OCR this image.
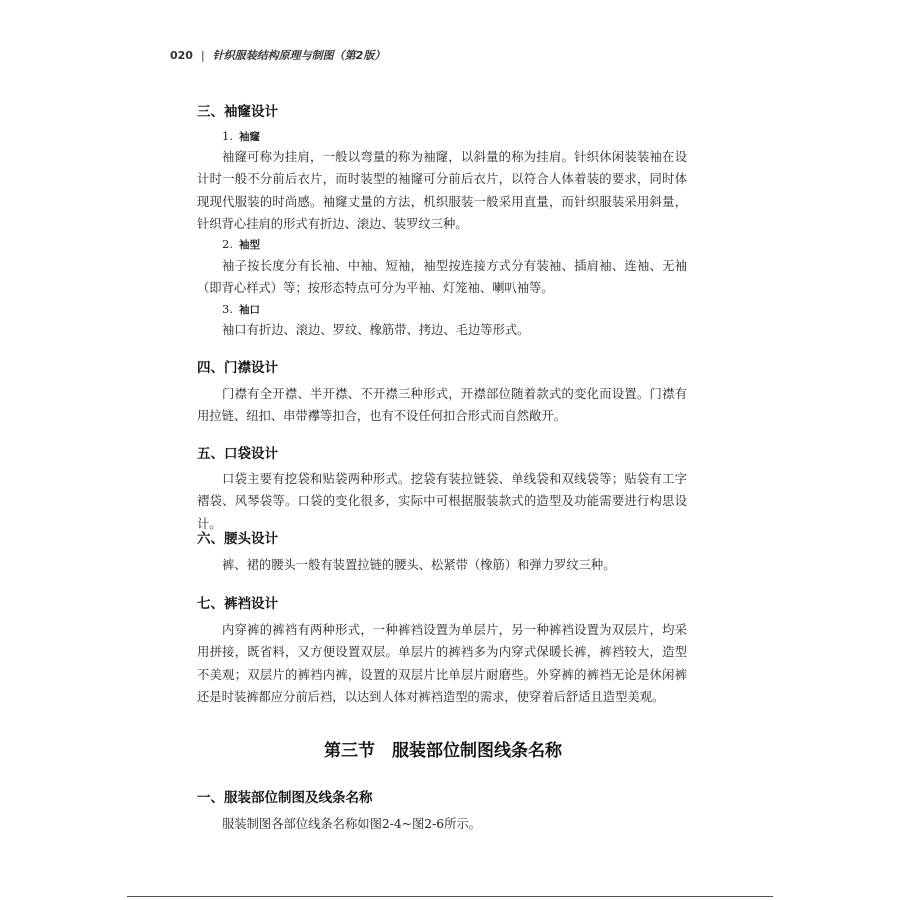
020 | 针织服装结构原理与制图（第2版）
三、袖窿设计
1. 袖窿

袖窿可称为挂肩，一般以弯量的称为袖窿，以斜量的称为挂肩。针织休闲装装袖在设计时一般不分前后衣片，而时装型的袖窿可分前后衣片，以符合人体着装的要求，同时体现现代服装的时尚感。袖窿丈量的方法，机织服装一般采用直量，而针织服装采用斜量，针织背心挂肩的形式有折边、滚边、装罗纹三种。

2. 袖型

袖子按长度分有长袖、中袖、短袖，袖型按连接方式分有装袖、插肩袖、连袖、无袖（即背心样式）等；按形态特点可分为平袖、灯笼袖、喇叭袖等。

3. 袖口

袖口有折边、滚边、罗纹、橡筋带、拷边、毛边等形式。

四、门襟设计

门襟有全开襟、半开襟、不开襟三种形式，开襟部位随着款式的变化而设置。门襟有用拉链、纽扣、串带襻等扣合，也有不设任何扣合形式而自然敞开。

五、口袋设计

口袋主要有挖袋和贴袋两种形式。挖袋有装拉链袋、单线袋和双线袋等；贴袋有工字褶袋、风琴袋等。口袋的变化很多，实际中可根据服装款式的造型及功能需要进行构思设计。

六、腰头设计

裤、裙的腰头一般有装置拉链的腰头、松紧带（橡筋）和弹力罗纹三种。

七、裤裆设计

内穿裤的裤裆有两种形式，一种裤裆设置为单层片，另一种裤裆设置为双层片，均采用拼接，既省料，又方便设置双层。单层片的裤裆多为内穿式保暖长裤，裤裆较大，造型不美观；双层片的裤裆内裤，设置的双层片比单层片耐磨些。外穿裤的裤裆无论是休闲裤还是时装裤都应分前后裆，以达到人体对裤裆造型的需求，使穿着后舒适且造型美观。

第三节　服装部位制图线条名称
一、服装部位制图及线条名称

服装制图各部位线条名称如图2-4~图2-6所示。
